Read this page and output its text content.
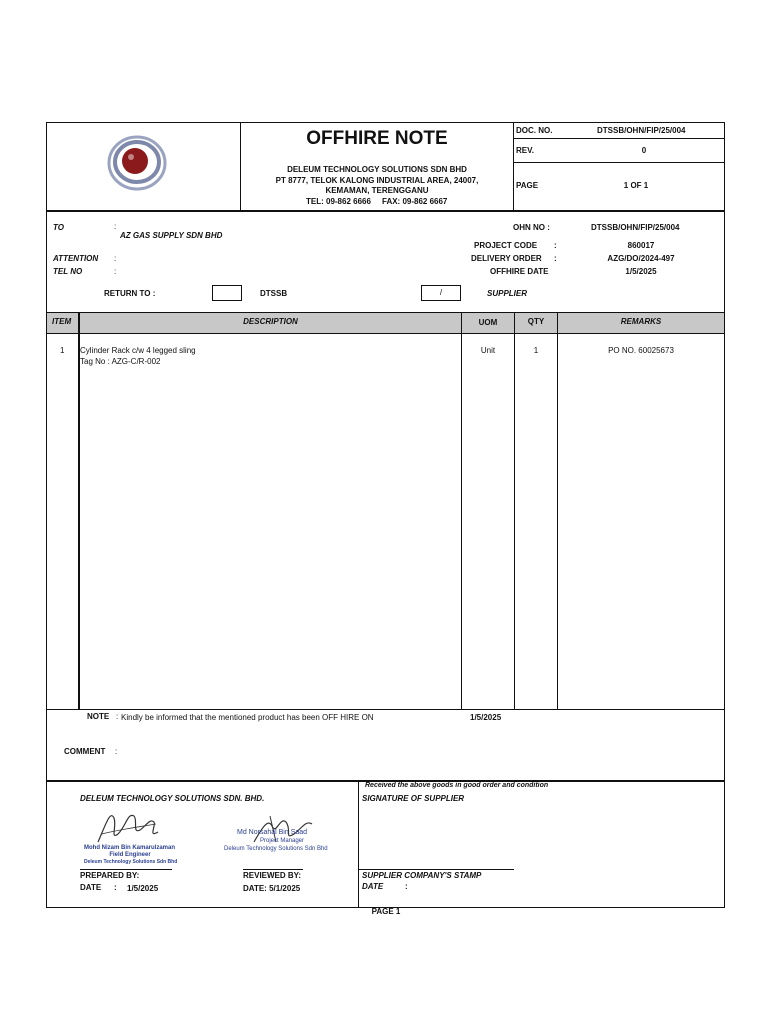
OFFHIRE NOTE
DELEUM TECHNOLOGY SOLUTIONS SDN BHD
PT 8777, TELOK KALONG INDUSTRIAL AREA, 24007,
KEMAMAN, TERENGGANU
TEL: 09-862 6666 FAX: 09-862 6667
DOC. NO.	DTSSB/OHN/FIP/25/004
REV.	0
PAGE	1 OF 1
TO	:
AZ GAS SUPPLY SDN BHD
ATTENTION :
TEL NO	:
OHN NO :	DTSSB/OHN/FIP/25/004
PROJECT CODE :	860017
DELIVERY ORDER :	AZG/DO/2024-497
OFFHIRE DATE	1/5/2025
RETURN TO :	DTSSB	/	SUPPLIER
ITEM	DESCRIPTION	UOM	QTY	REMARKS
1 Cylinder Rack c/w 4 legged sling
Tag No : AZG-C/R-002
Unit	1	PO NO. 60025673
NOTE : Kindly be informed that the mentioned product has been OFF HIRE ON	1/5/2025
COMMENT :
DELEUM TECHNOLOGY SOLUTIONS SDN. BHD.
Received the above goods in good order and condition
SIGNATURE OF SUPPLIER
Mohd Nizam Bin Kamarulzaman
Field Engineer
Deleum Technology Solutions Sdn Bhd
Md Norsahal Bin Saad
Project Manager
Deleum Technology Solutions Sdn Bhd
PREPARED BY:
DATE : 1/5/2025
REVIEWED BY:
DATE: 5/1/2025
SUPPLIER COMPANY'S STAMP
DATE	:
PAGE 1
